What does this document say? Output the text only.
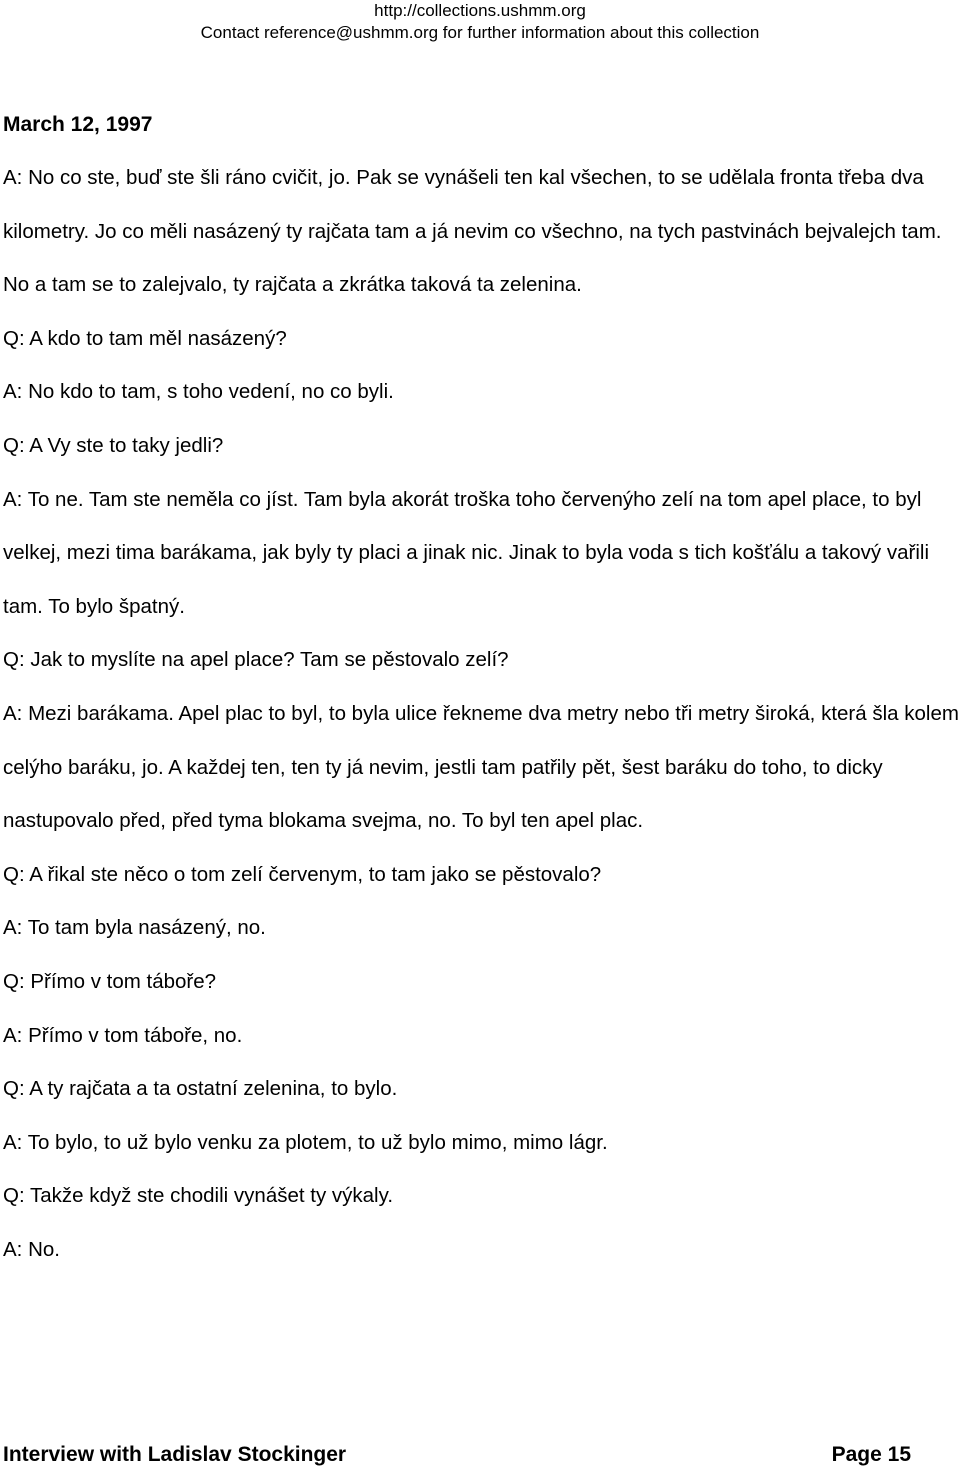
http://collections.ushmm.org
Contact reference@ushmm.org for further information about this collection

March 12, 1997

A: No co ste, buď ste šli ráno cvičit, jo. Pak se vynášeli ten kal všechen, to se udělala fronta třeba dva kilometry. Jo co měli nasázený ty rajčata tam a já nevim co všechno, na tych pastvinách bejvalejch tam. No a tam se to zalejvalo, ty rajčata a zkrátka taková ta zelenina.

Q: A kdo to tam měl nasázený?

A: No kdo to tam, s toho vedení, no co byli.

Q: A Vy ste to taky jedli?

A: To ne. Tam ste neměla co jíst. Tam byla akorát troška toho červenýho zelí na tom apel place, to byl velkej, mezi tima barákama, jak byly ty placi a jinak nic. Jinak to byla voda s tich košťálu a takový vařili tam. To bylo špatný.

Q: Jak to myslíte na apel place? Tam se pěstovalo zelí?

A: Mezi barákama. Apel plac to byl, to byla ulice řekneme dva metry nebo tři metry široká, která šla kolem celýho baráku, jo. A každej ten, ten ty já nevim, jestli tam patřily pět, šest baráku do toho, to dicky nastupovalo před, před tyma blokama svejma, no. To byl ten apel plac.

Q: A řikal ste něco o tom zelí červenym, to tam jako se pěstovalo?

A: To tam byla nasázený, no.

Q: Přímo v tom táboře?

A: Přímo v tom táboře, no.

Q: A ty rajčata a ta ostatní zelenina, to bylo.

A: To bylo, to už bylo venku za plotem, to už bylo mimo, mimo lágr.

Q: Takže když ste chodili vynášet ty výkaly.

A: No.

Interview with Ladislav Stockinger	Page 15
